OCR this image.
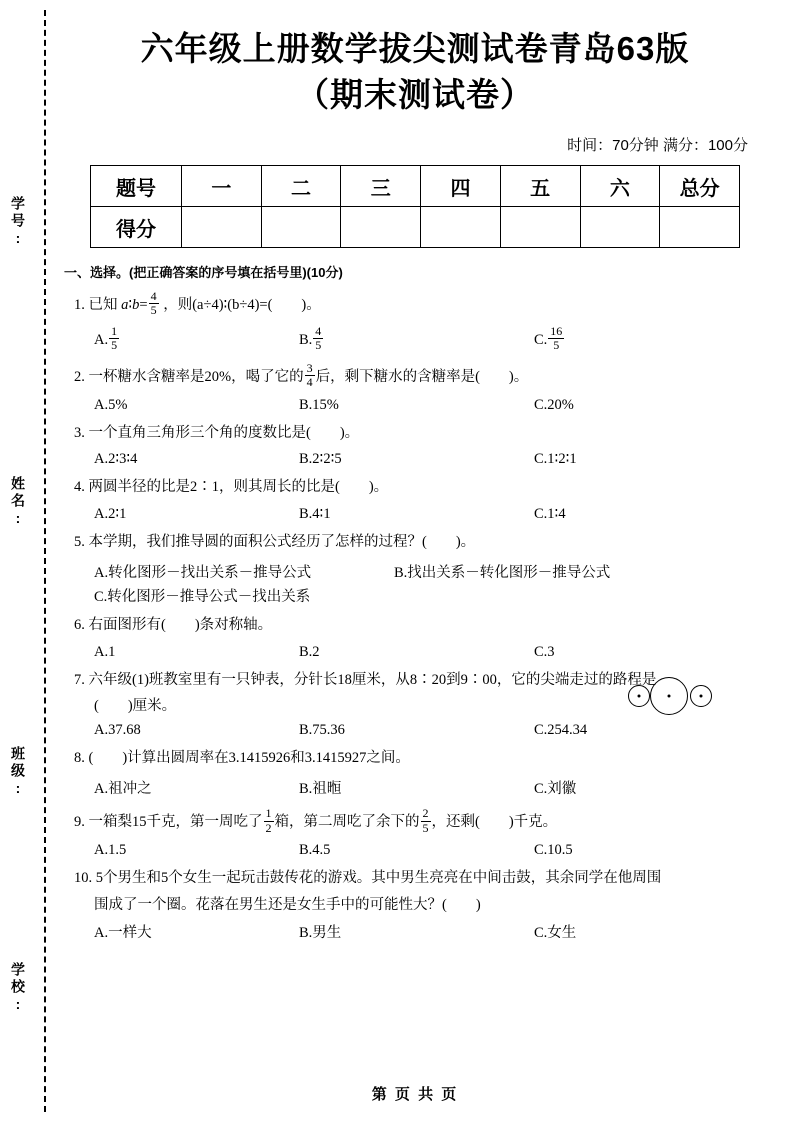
学号:
姓名:
班级:
学校:
六年级上册数学拔尖测试卷青岛63版
（期末测试卷）
时间：70分钟 满分：100分
题号	一	二	三	四	五	六	总分
得分							
一、选择。(把正确答案的序号填在括号里)(10分)
1. 已知 a∶b= $\frac{4}{5}$ ，则(a÷4)∶(b÷4)=(　　)。
A. $\frac{1}{5}$	B. $\frac{4}{5}$	C. $\frac{16}{5}$
2. 一杯糖水含糖率是20%，喝了它的 $\frac{3}{4}$ 后，剩下糖水的含糖率是(　　)。
A.5%	B.15%	C.20%
3. 一个直角三角形三个角的度数比是(　　)。
A.2∶3∶4	B.2∶2∶5	C.1∶2∶1
4. 两圆半径的比是2∶1，则其周长的比是(　　)。
A.2∶1	B.4∶1	C.1∶4
5. 本学期，我们推导圆的面积公式经历了怎样的过程？(　　)。
A.转化图形－找出关系－推导公式	B.找出关系－转化图形－推导公式
C.转化图形－推导公式－找出关系
6. 右面图形有(　　)条对称轴。
A.1	B.2	C.3
7. 六年级(1)班教室里有一只钟表，分针长18厘米，从8∶20到9∶00，它的尖端走过的路程是
(　　)厘米。
A.37.68	B.75.36	C.254.34
8. (　　)计算出圆周率在3.1415926和3.1415927之间。
A.祖冲之	B.祖暅	C.刘徽
9. 一箱梨15千克，第一周吃了 $\frac{1}{2}$ 箱，第二周吃了余下的 $\frac{2}{5}$ ，还剩(　　)千克。
A.1.5	B.4.5	C.10.5
10. 5个男生和5个女生一起玩击鼓传花的游戏。其中男生亮亮在中间击鼓，其余同学在他周围
围成了一个圈。花落在男生还是女生手中的可能性大？(　　)
A.一样大	B.男生	C.女生
第 页 共 页
